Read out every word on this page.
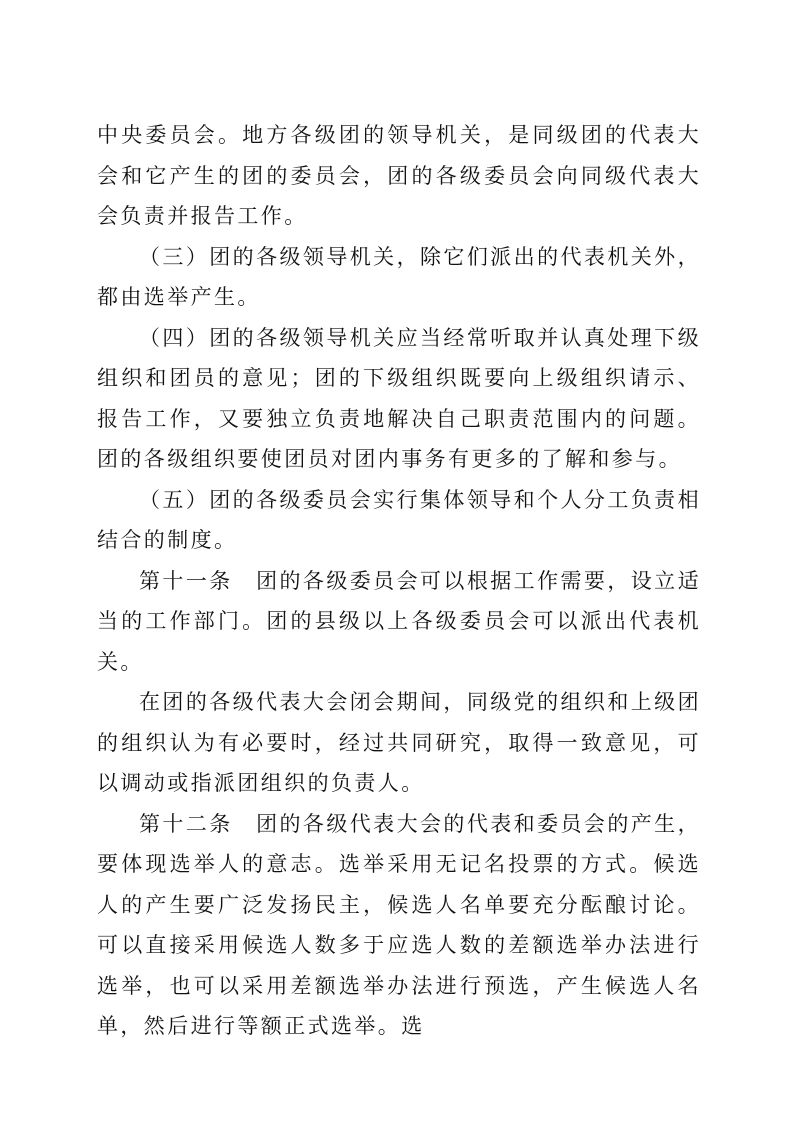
中央委员会。地方各级团的领导机关，是同级团的代表大会和它产生的团的委员会，团的各级委员会向同级代表大会负责并报告工作。

（三）团的各级领导机关，除它们派出的代表机关外，都由选举产生。

（四）团的各级领导机关应当经常听取并认真处理下级组织和团员的意见；团的下级组织既要向上级组织请示、报告工作，又要独立负责地解决自己职责范围内的问题。团的各级组织要使团员对团内事务有更多的了解和参与。

（五）团的各级委员会实行集体领导和个人分工负责相结合的制度。

第十一条　团的各级委员会可以根据工作需要，设立适当的工作部门。团的县级以上各级委员会可以派出代表机关。

在团的各级代表大会闭会期间，同级党的组织和上级团的组织认为有必要时，经过共同研究，取得一致意见，可以调动或指派团组织的负责人。

第十二条　团的各级代表大会的代表和委员会的产生，要体现选举人的意志。选举采用无记名投票的方式。候选人的产生要广泛发扬民主，候选人名单要充分酝酿讨论。可以直接采用候选人数多于应选人数的差额选举办法进行选举，也可以采用差额选举办法进行预选，产生候选人名单，然后进行等额正式选举。选
